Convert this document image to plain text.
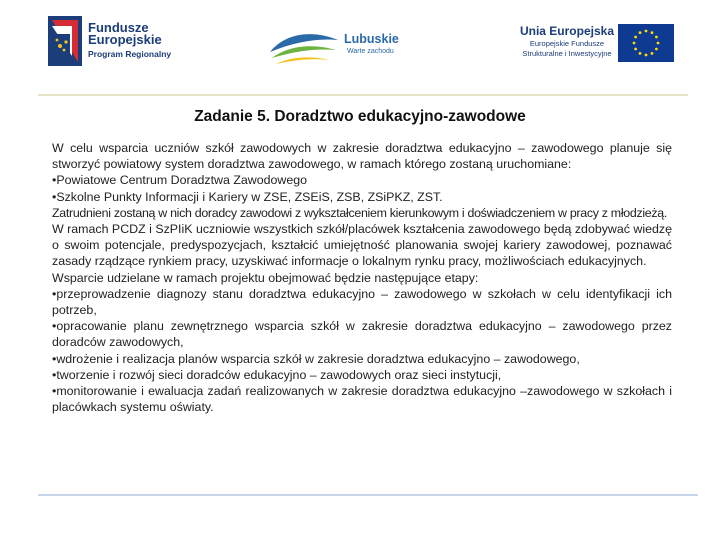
Fundusze
Europejskie
Program Regionalny
Lubuskie
Warte zachodu
Unia Europejska
Europejskie Fundusze
Strukturalne i Inwestycyjne
Zadanie 5. Doradztwo edukacyjno-zawodowe

W celu wsparcia uczniów szkół zawodowych w zakresie doradztwa edukacyjno – zawodowego planuje się stworzyć powiatowy system doradztwa zawodowego, w ramach którego zostaną uruchomiane:

•Powiatowe Centrum Doradztwa Zawodowego

•Szkolne Punkty Informacji i Kariery w ZSE, ZSEiS, ZSB, ZSiPKZ, ZST.

Zatrudnieni zostaną w nich doradcy zawodowi z wykształceniem kierunkowym i doświadczeniem w pracy z młodzieżą.

W ramach PCDZ i SzPIiK uczniowie wszystkich szkół/placówek kształcenia zawodowego będą zdobywać wiedzę o swoim potencjale, predyspozycjach, kształcić umiejętność planowania swojej kariery zawodowej, poznawać zasady rządzące rynkiem pracy, uzyskiwać informacje o lokalnym rynku pracy, możliwościach edukacyjnych.

Wsparcie udzielane w ramach projektu obejmować będzie następujące etapy:

•przeprowadzenie diagnozy stanu doradztwa edukacyjno – zawodowego w szkołach w celu identyfikacji ich potrzeb,

•opracowanie planu zewnętrznego wsparcia szkół w zakresie doradztwa edukacyjno – zawodowego przez doradców zawodowych,

•wdrożenie i realizacja planów wsparcia szkół w zakresie doradztwa edukacyjno – zawodowego,

•tworzenie i rozwój sieci doradców edukacyjno – zawodowych oraz sieci instytucji,

•monitorowanie i ewaluacja zadań realizowanych w zakresie doradztwa edukacyjno –zawodowego w szkołach i placówkach systemu oświaty.
